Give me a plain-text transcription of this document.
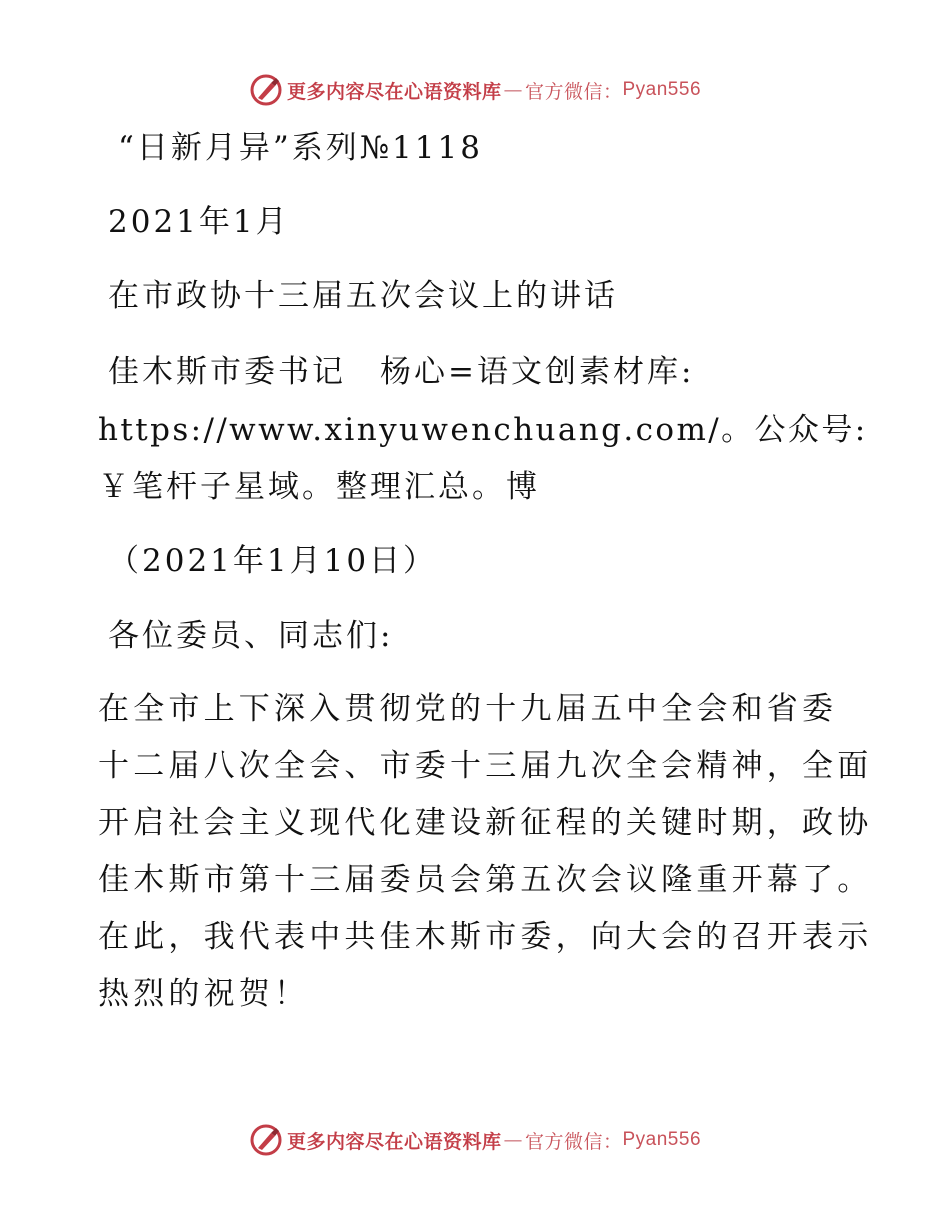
更多内容尽在心语资料库 — 官方微信： Pyan556
“日新月异”系列№1118
2021年1月
在市政协十三届五次会议上的讲话
佳木斯市委书记　杨心=语文创素材库:
https://www.xinyuwenchuang.com/。公众号:
￥笔杆子星域。整理汇总。博
（2021年1月10日）
各位委员、同志们:
在全市上下深入贯彻党的十九届五中全会和省委
十二届八次全会、市委十三届九次全会精神，全面
开启社会主义现代化建设新征程的关键时期，政协
佳木斯市第十三届委员会第五次会议隆重开幕了。
在此，我代表中共佳木斯市委，向大会的召开表示
热烈的祝贺！
更多内容尽在心语资料库 — 官方微信： Pyan556
